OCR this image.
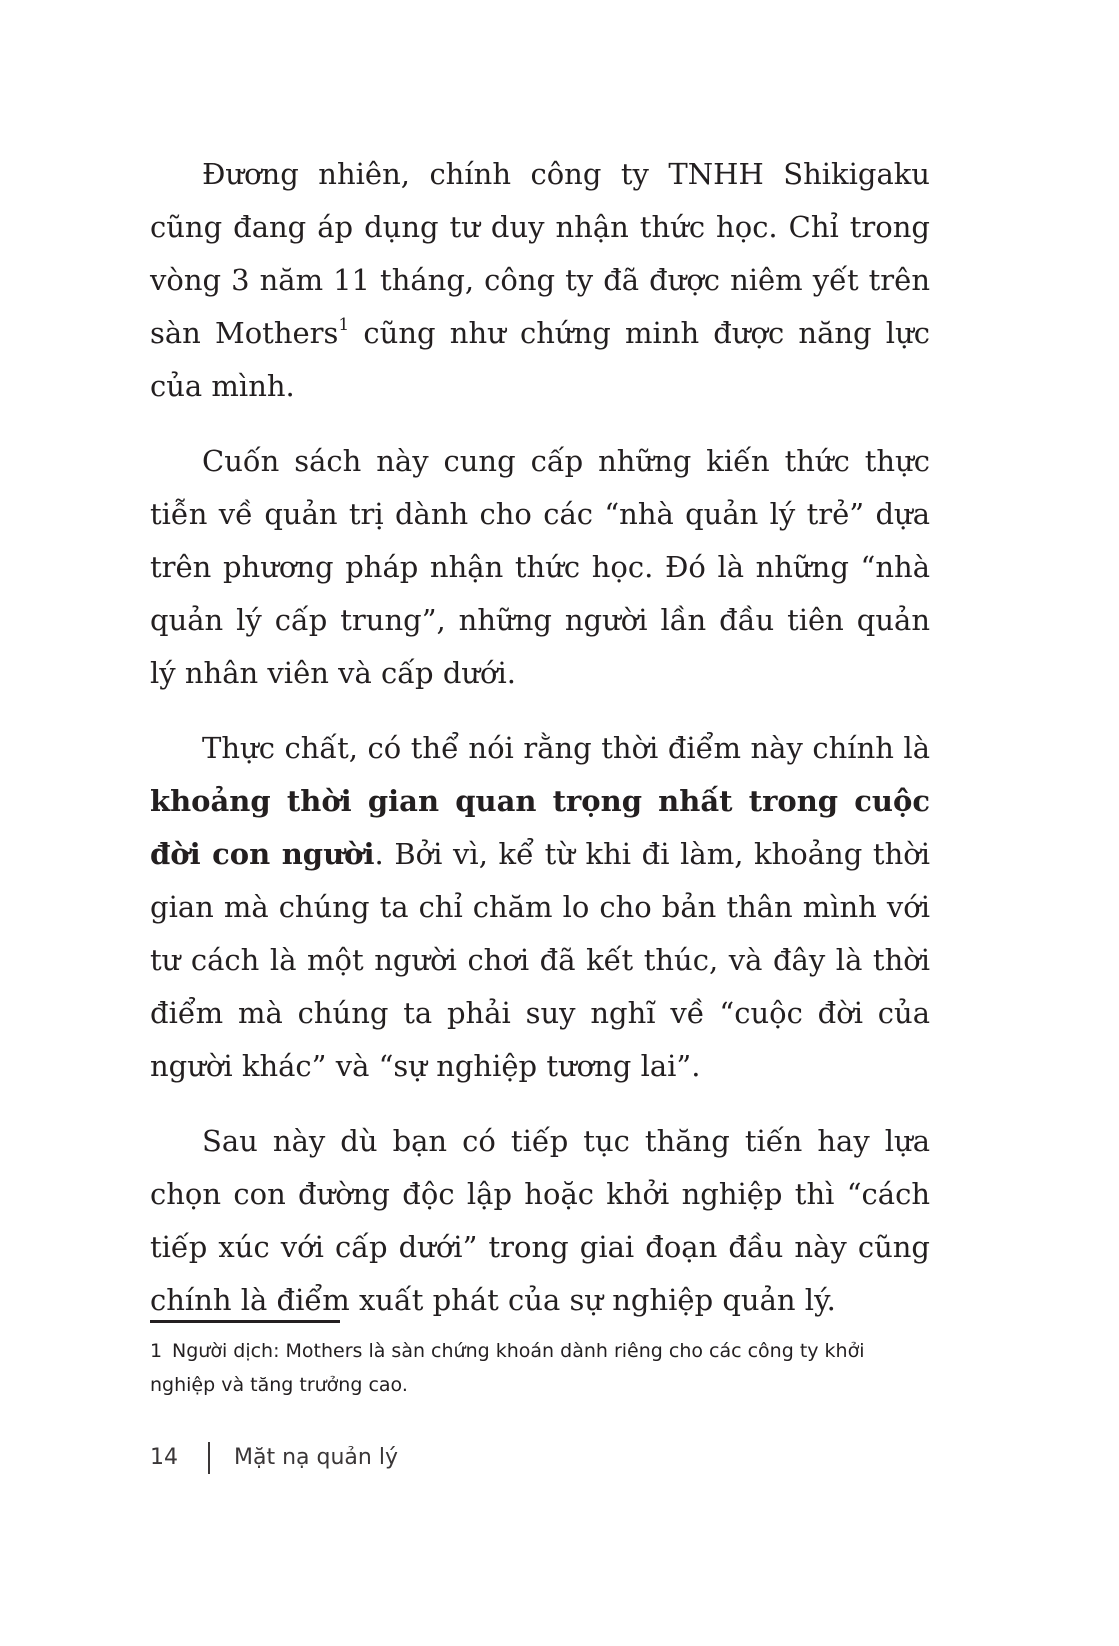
Đương nhiên, chính công ty TNHH Shikigaku cũng đang áp dụng tư duy nhận thức học. Chỉ trong vòng 3 năm 11 tháng, công ty đã được niêm yết trên sàn Mothers$^1$ cũng như chứng minh được năng lực của mình.

Cuốn sách này cung cấp những kiến thức thực tiễn về quản trị dành cho các “nhà quản lý trẻ” dựa trên phương pháp nhận thức học. Đó là những “nhà quản lý cấp trung”, những người lần đầu tiên quản lý nhân viên và cấp dưới.

Thực chất, có thể nói rằng thời điểm này chính là khoảng thời gian quan trọng nhất trong cuộc đời con người. Bởi vì, kể từ khi đi làm, khoảng thời gian mà chúng ta chỉ chăm lo cho bản thân mình với tư cách là một người chơi đã kết thúc, và đây là thời điểm mà chúng ta phải suy nghĩ về “cuộc đời của người khác” và “sự nghiệp tương lai”.

Sau này dù bạn có tiếp tục thăng tiến hay lựa chọn con đường độc lập hoặc khởi nghiệp thì “cách tiếp xúc với cấp dưới” trong giai đoạn đầu này cũng chính là điểm xuất phát của sự nghiệp quản lý.

1 Người dịch: Mothers là sàn chứng khoán dành riêng cho các công ty khởi nghiệp và tăng trưởng cao.
14	Mặt nạ quản lý
